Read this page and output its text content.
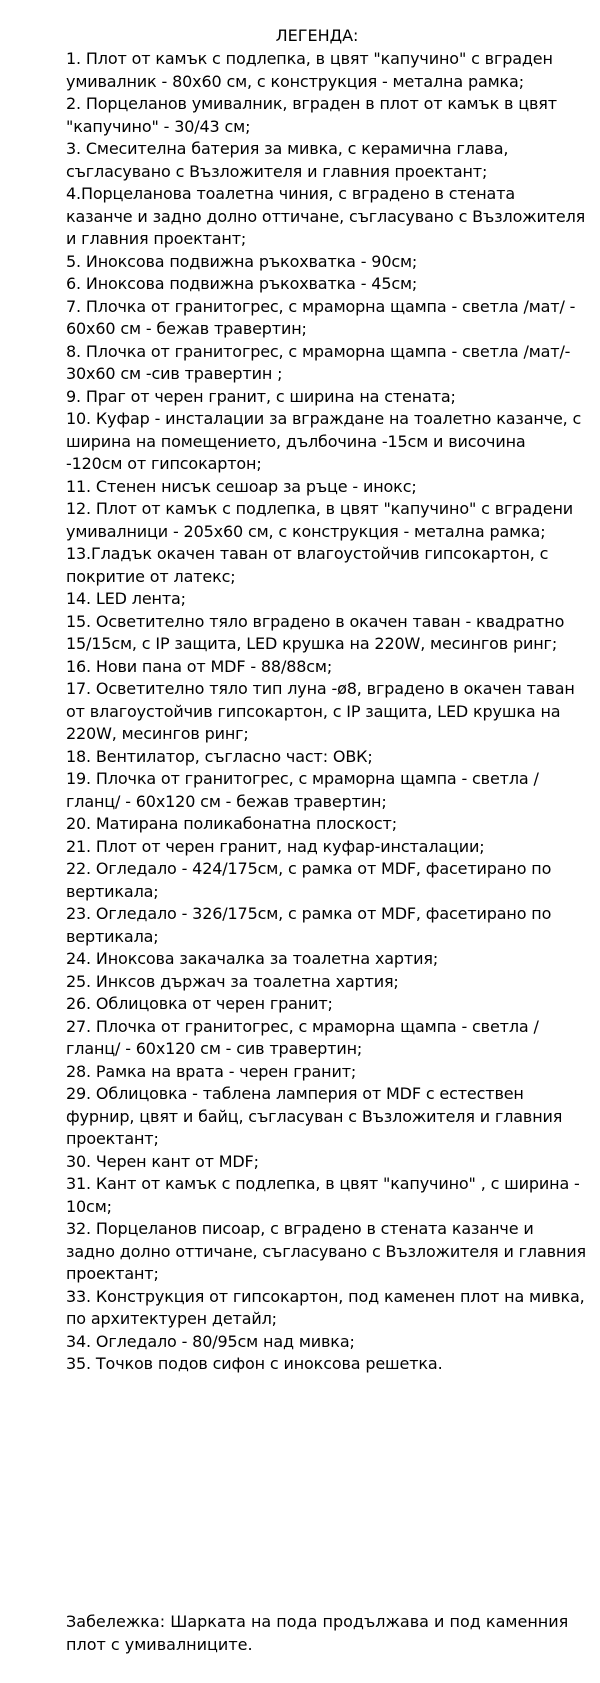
ЛЕГЕНДА:
1. Плот от камък с подлепка, в цвят "капучино" с вграден умивалник - 80х60 см, с конструкция - метална рамка;
2. Порцеланов умивалник, вграден в плот от камък в цвят "капучино" - 30/43 см;
3. Смесителна батерия за мивка, с керамична глава, съгласувано с Възложителя и главния проектант;
4.Порцеланова тоалетна чиния, с вградено в стената казанче и задно долно оттичане, съгласувано с Възложителя и главния проектант;
5. Иноксова подвижна ръкохватка - 90см;
6. Иноксова подвижна ръкохватка - 45см;
7. Плочка от гранитогрес, с мраморна щампа - светла /мат/ - 60х60 см - бежав травертин;
8. Плочка от гранитогрес, с мраморна щампа - светла /мат/- 30х60 см -сив травертин ;
9. Праг от черен гранит, с ширина на стената;
10. Куфар - инсталации за вграждане на тоалетно казанче, с ширина на помещението, дълбочина -15см и височина -120см от гипсокартон;
11. Стенен нисък сешоар за ръце - инокс;
12. Плот от камък с подлепка, в цвят "капучино" с вградени умивалници - 205х60 см, с конструкция - метална рамка;
13.Гладък окачен таван от влагоустойчив гипсокартон, с покритие от латекс;
14. LED лента;
15. Осветително тяло вградено в окачен таван - квадратно 15/15см, с IP защита, LED крушка на 220W, месингов ринг;
16. Нови пана от MDF - 88/88см;
17. Осветително тяло тип луна -ø8, вградено в окачен таван от влагоустойчив гипсокартон, с IP защита, LED крушка на 220W, месингов ринг;
18. Вентилатор, съгласно част: ОВК;
19. Плочка от гранитогрес, с мраморна щампа - светла /гланц/ - 60х120 см - бежав травертин;
20. Матирана поликабонатна плоскост;
21. Плот от черен гранит, над куфар-инсталации;
22. Огледало - 424/175см, с рамка от MDF, фасетирано по вертикала;
23. Огледало - 326/175см, с рамка от MDF, фасетирано по вертикала;
24. Иноксова закачалка за тоалетна хартия;
25. Инксов държач за тоалетна хартия;
26. Облицовка от черен гранит;
27. Плочка от гранитогрес, с мраморна щампа - светла /гланц/ - 60х120 см - сив травертин;
28. Рамка на врата - черен гранит;
29. Облицовка - таблена ламперия от MDF с естествен фурнир, цвят и байц, съгласуван с Възложителя и главния проектант;
30. Черен кант от MDF;
31. Кант от камък с подлепка, в цвят "капучино" , с ширина - 10см;
32. Порцеланов писоар, с вградено в стената казанче и задно долно оттичане, съгласувано с Възложителя и главния проектант;
33. Конструкция от гипсокартон, под каменен плот на мивка, по архитектурен детайл;
34. Огледало - 80/95см над мивка;
35. Точков подов сифон с иноксова решетка.

Забележка: Шарката на пода продължава и под каменния плот с умивалниците.
